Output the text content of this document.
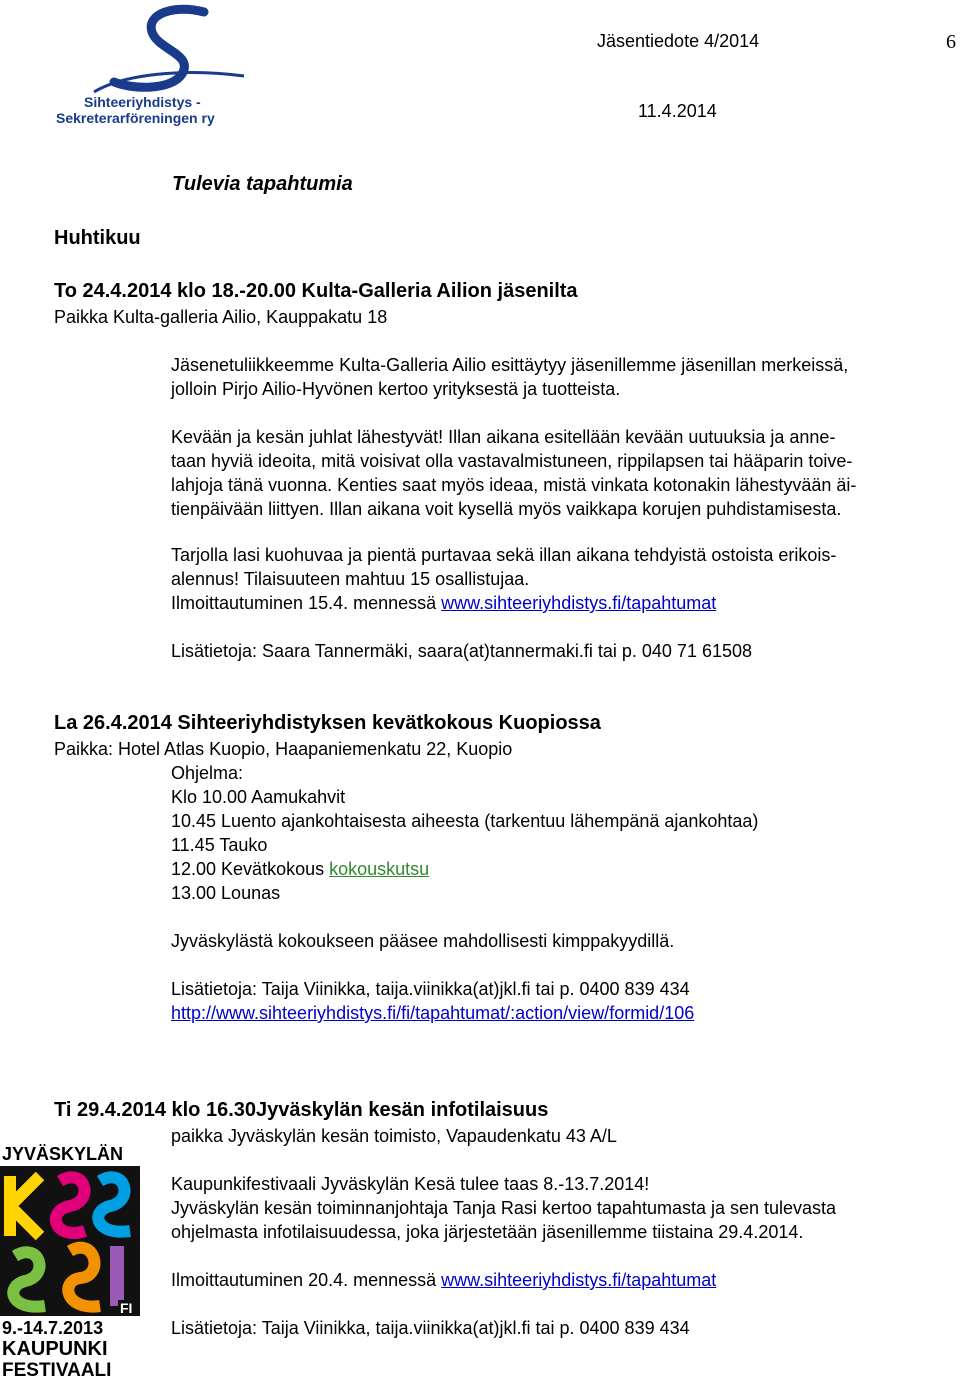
Sihteeriyhdistys -
Sekreterarföreningen ry
Jäsentiedote 4/2014	6
11.4.2014
Tulevia tapahtumia
Huhtikuu
To 24.4.2014 klo 18.-20.00 Kulta-Galleria Ailion jäsenilta
Paikka Kulta-galleria Ailio, Kauppakatu 18
Jäsenetuliikkeemme Kulta-Galleria Ailio esittäytyy jäsenillemme jäsenillan merkeissä,
jolloin Pirjo Ailio-Hyvönen kertoo yrityksestä ja tuotteista.
Kevään ja kesän juhlat lähestyvät! Illan aikana esitellään kevään uutuuksia ja anne-
taan hyviä ideoita, mitä voisivat olla vastavalmistuneen, rippilapsen tai hääparin toive-
lahjoja tänä vuonna. Kenties saat myös ideaa, mistä vinkata kotonakin lähestyvään äi-
tienpäivään liittyen. Illan aikana voit kysellä myös vaikkapa korujen puhdistamisesta.
Tarjolla lasi kuohuvaa ja pientä purtavaa sekä illan aikana tehdyistä ostoista erikois-
alennus! Tilaisuuteen mahtuu 15 osallistujaa.
Ilmoittautuminen 15.4. mennessä www.sihteeriyhdistys.fi/tapahtumat
Lisätietoja: Saara Tannermäki, saara(at)tannermaki.fi tai p. 040 71 61508
La 26.4.2014 Sihteeriyhdistyksen kevätkokous Kuopiossa
Paikka: Hotel Atlas Kuopio, Haapaniemenkatu 22, Kuopio
Ohjelma:
Klo 10.00 Aamukahvit
10.45 Luento ajankohtaisesta aiheesta (tarkentuu lähempänä ajankohtaa)
11.45 Tauko
12.00 Kevätkokous kokouskutsu
13.00 Lounas
Jyväskylästä kokoukseen pääsee mahdollisesti kimppakyydillä.
Lisätietoja: Taija Viinikka, taija.viinikka(at)jkl.fi tai p. 0400 839 434
http://www.sihteeriyhdistys.fi/fi/tapahtumat/:action/view/formid/106
Ti 29.4.2014 klo 16.30Jyväskylän kesän infotilaisuus
paikka Jyväskylän kesän toimisto, Vapaudenkatu 43 A/L
Kaupunkifestivaali Jyväskylän Kesä tulee taas 8.-13.7.2014!
Jyväskylän kesän toiminnanjohtaja Tanja Rasi kertoo tapahtumasta ja sen tulevasta
ohjelmasta infotilaisuudessa, joka järjestetään jäsenillemme tiistaina 29.4.2014.
Ilmoittautuminen 20.4. mennessä www.sihteeriyhdistys.fi/tapahtumat
Lisätietoja: Taija Viinikka, taija.viinikka(at)jkl.fi tai p. 0400 839 434
JYVÄSKYLÄN
FI
9.-14.7.2013
KAUPUNKI
FESTIVAALI
